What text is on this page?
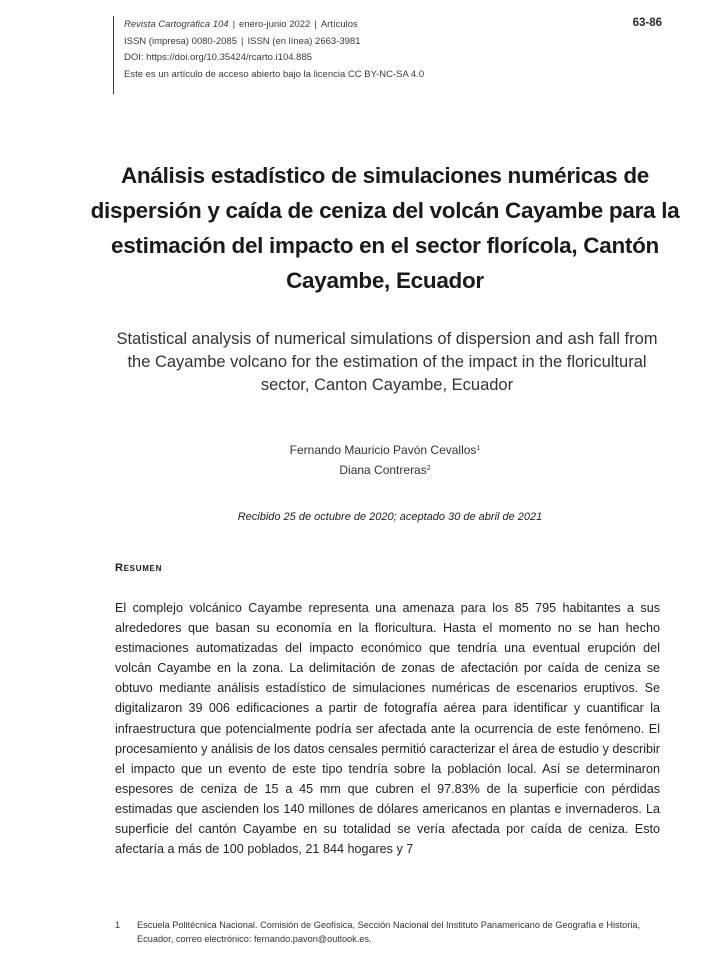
Revista Cartográfica 104 | enero-junio 2022 | Artículos
ISSN (impresa) 0080-2085 | ISSN (en línea) 2663-3981
DOI: https://doi.org/10.35424/rcarto.i104.885
Este es un artículo de acceso abierto bajo la licencia CC BY-NC-SA 4.0
63-86
Análisis estadístico de simulaciones numéricas de dispersión y caída de ceniza del volcán Cayambe para la estimación del impacto en el sector florícola, Cantón Cayambe, Ecuador

Statistical analysis of numerical simulations of dispersion and ash fall from the Cayambe volcano for the estimation of the impact in the floricultural sector, Canton Cayambe, Ecuador

Fernando Mauricio Pavón Cevallos$^1$
Diana Contreras$^2$
Recibido 25 de octubre de 2020; aceptado 30 de abril de 2021
Resumen

El complejo volcánico Cayambe representa una amenaza para los 85 795 habitantes a sus alrededores que basan su economía en la floricultura. Hasta el momento no se han hecho estimaciones automatizadas del impacto económico que tendría una eventual erupción del volcán Cayambe en la zona. La delimitación de zonas de afectación por caída de ceniza se obtuvo mediante análisis estadístico de simulaciones numéricas de escenarios eruptivos. Se digitalizaron 39 006 edificaciones a partir de fotografía aérea para identificar y cuantificar la infraestructura que potencialmente podría ser afectada ante la ocurrencia de este fenómeno. El procesamiento y análisis de los datos censales permitió caracterizar el área de estudio y describir el impacto que un evento de este tipo tendría sobre la población local. Así se determinaron espesores de ceniza de 15 a 45 mm que cubren el 97.83% de la superficie con pérdidas estimadas que ascienden los 140 millones de dólares americanos en plantas e invernaderos. La superficie del cantón Cayambe en su totalidad se vería afectada por caída de ceniza. Esto afectaría a más de 100 poblados, 21 844 hogares y 7

1	Escuela Politécnica Nacional. Comisión de Geofísica, Sección Nacional del Instituto Panamericano de Geografía e Historia, Ecuador, correo electrónico: fernando.pavon@outlook.es.
